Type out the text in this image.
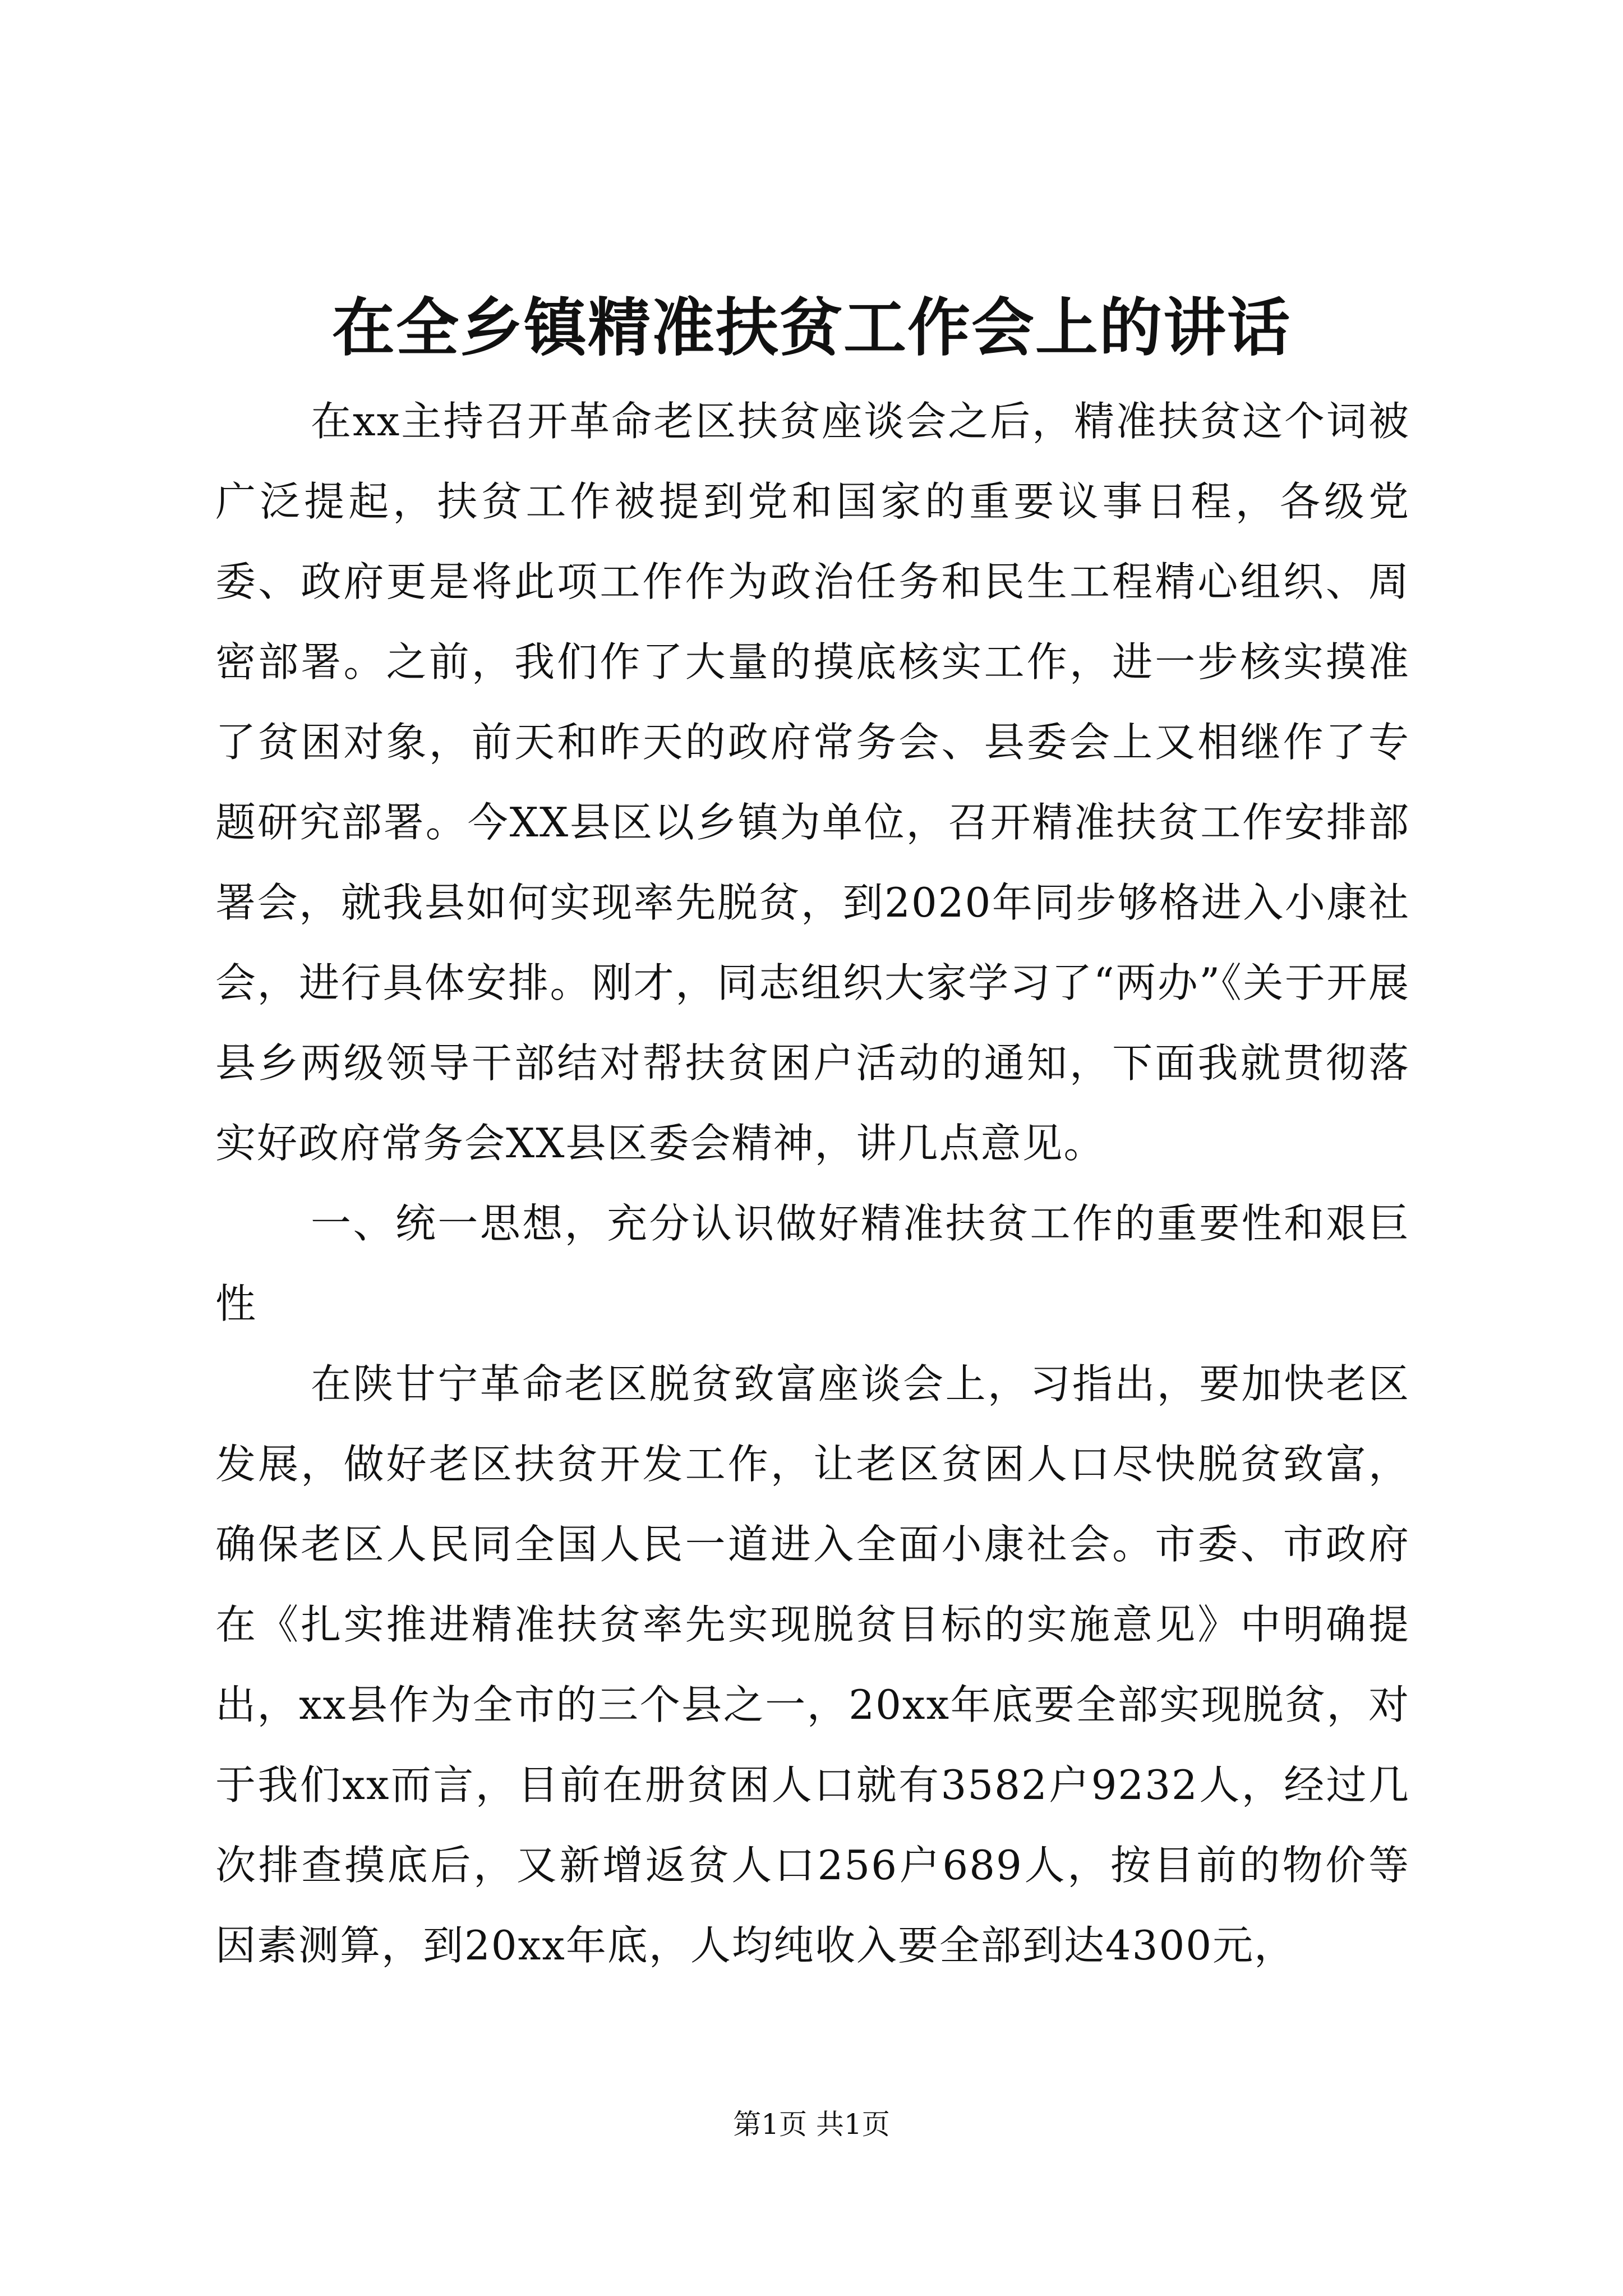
在全乡镇精准扶贫工作会上的讲话

在xx主持召开革命老区扶贫座谈会之后，精准扶贫这个词被广泛提起，扶贫工作被提到党和国家的重要议事日程，各级党委、政府更是将此项工作作为政治任务和民生工程精心组织、周密部署。之前，我们作了大量的摸底核实工作，进一步核实摸准了贫困对象，前天和昨天的政府常务会、县委会上又相继作了专题研究部署。今XX县区以乡镇为单位，召开精准扶贫工作安排部署会，就我县如何实现率先脱贫，到2020年同步够格进入小康社会，进行具体安排。刚才，同志组织大家学习了“两办”《关于开展县乡两级领导干部结对帮扶贫困户活动的通知，下面我就贯彻落实好政府常务会XX县区委会精神，讲几点意见。

一、统一思想，充分认识做好精准扶贫工作的重要性和艰巨性

在陕甘宁革命老区脱贫致富座谈会上，习指出，要加快老区发展，做好老区扶贫开发工作，让老区贫困人口尽快脱贫致富，确保老区人民同全国人民一道进入全面小康社会。市委、市政府在《扎实推进精准扶贫率先实现脱贫目标的实施意见》中明确提出，xx县作为全市的三个县之一，20xx年底要全部实现脱贫，对于我们xx而言，目前在册贫困人口就有3582户9232人，经过几次排查摸底后，又新增返贫人口256户689人，按目前的物价等因素测算，到20xx年底，人均纯收入要全部到达4300元，

第1页 共1页
